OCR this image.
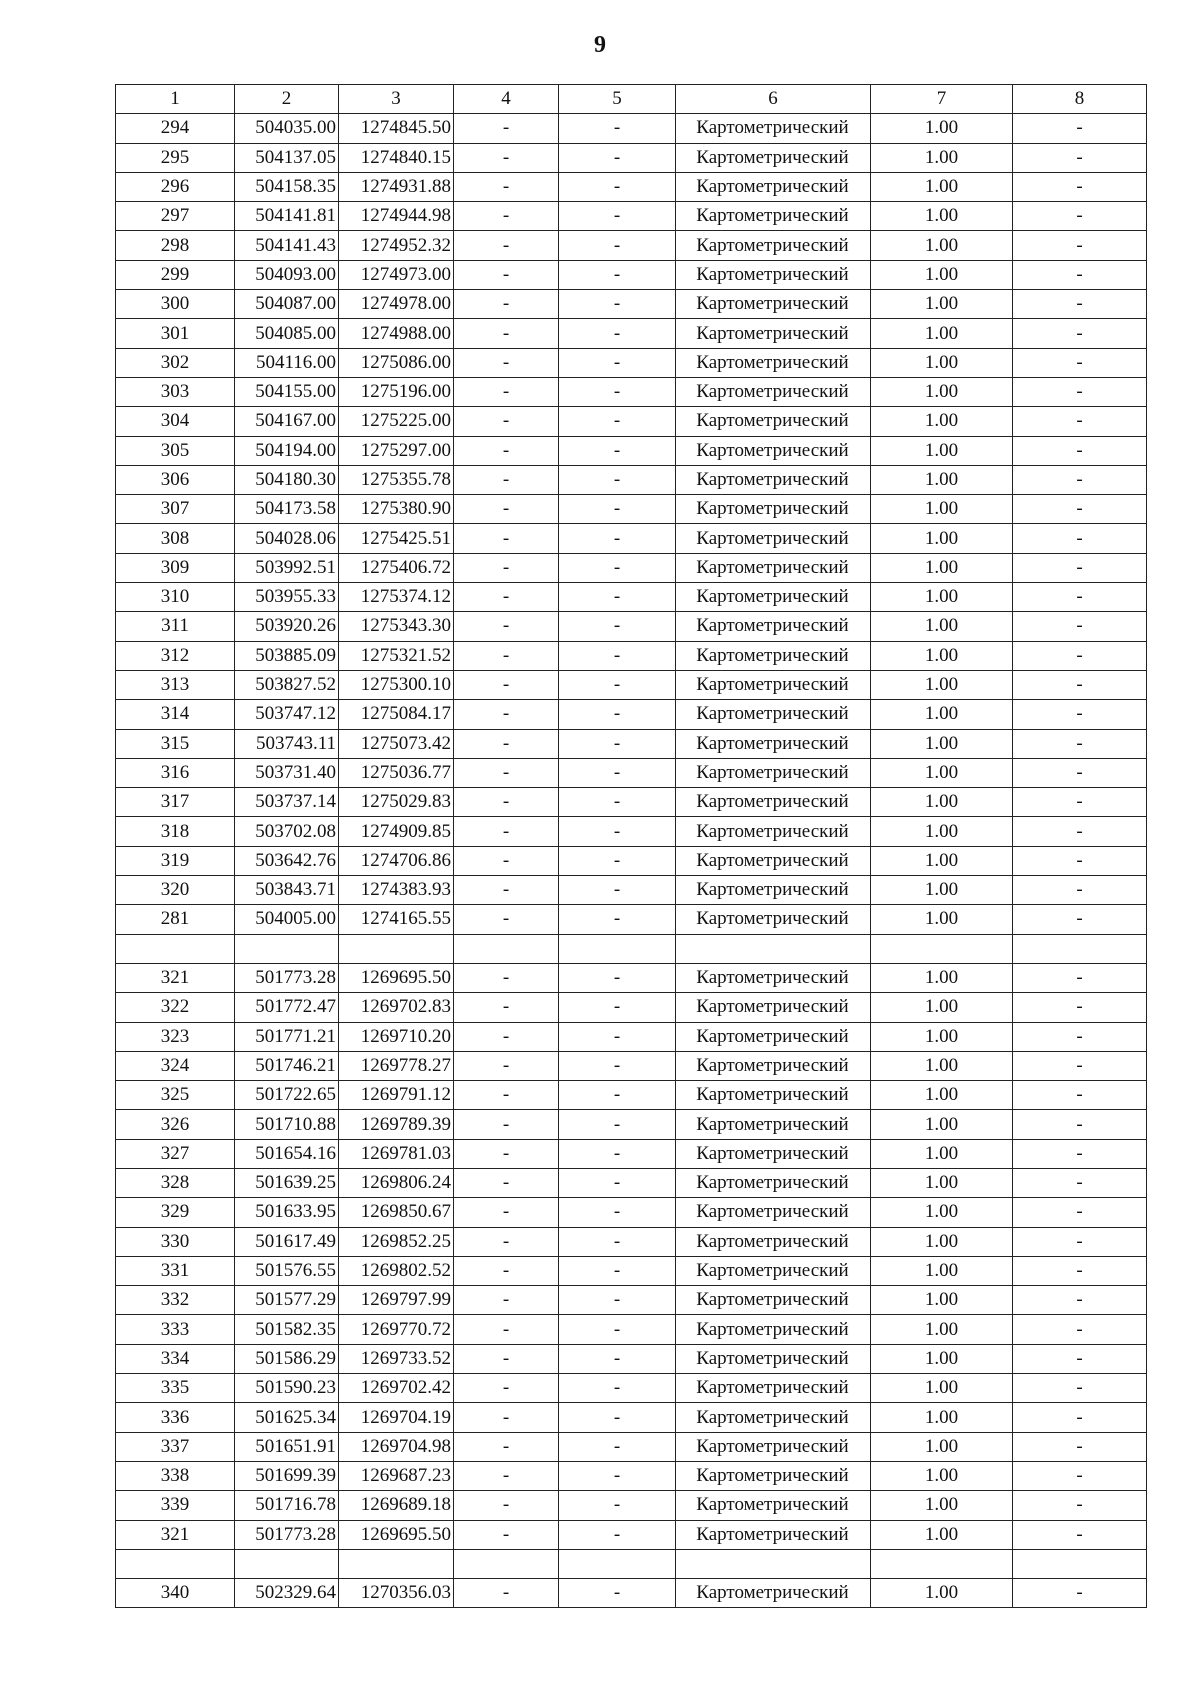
9
1	2	3	4	5	6	7	8
294	504035.00	1274845.50	-	-	Картометрический	1.00	-
295	504137.05	1274840.15	-	-	Картометрический	1.00	-
296	504158.35	1274931.88	-	-	Картометрический	1.00	-
297	504141.81	1274944.98	-	-	Картометрический	1.00	-
298	504141.43	1274952.32	-	-	Картометрический	1.00	-
299	504093.00	1274973.00	-	-	Картометрический	1.00	-
300	504087.00	1274978.00	-	-	Картометрический	1.00	-
301	504085.00	1274988.00	-	-	Картометрический	1.00	-
302	504116.00	1275086.00	-	-	Картометрический	1.00	-
303	504155.00	1275196.00	-	-	Картометрический	1.00	-
304	504167.00	1275225.00	-	-	Картометрический	1.00	-
305	504194.00	1275297.00	-	-	Картометрический	1.00	-
306	504180.30	1275355.78	-	-	Картометрический	1.00	-
307	504173.58	1275380.90	-	-	Картометрический	1.00	-
308	504028.06	1275425.51	-	-	Картометрический	1.00	-
309	503992.51	1275406.72	-	-	Картометрический	1.00	-
310	503955.33	1275374.12	-	-	Картометрический	1.00	-
311	503920.26	1275343.30	-	-	Картометрический	1.00	-
312	503885.09	1275321.52	-	-	Картометрический	1.00	-
313	503827.52	1275300.10	-	-	Картометрический	1.00	-
314	503747.12	1275084.17	-	-	Картометрический	1.00	-
315	503743.11	1275073.42	-	-	Картометрический	1.00	-
316	503731.40	1275036.77	-	-	Картометрический	1.00	-
317	503737.14	1275029.83	-	-	Картометрический	1.00	-
318	503702.08	1274909.85	-	-	Картометрический	1.00	-
319	503642.76	1274706.86	-	-	Картометрический	1.00	-
320	503843.71	1274383.93	-	-	Картометрический	1.00	-
281	504005.00	1274165.55	-	-	Картометрический	1.00	-

321	501773.28	1269695.50	-	-	Картометрический	1.00	-
322	501772.47	1269702.83	-	-	Картометрический	1.00	-
323	501771.21	1269710.20	-	-	Картометрический	1.00	-
324	501746.21	1269778.27	-	-	Картометрический	1.00	-
325	501722.65	1269791.12	-	-	Картометрический	1.00	-
326	501710.88	1269789.39	-	-	Картометрический	1.00	-
327	501654.16	1269781.03	-	-	Картометрический	1.00	-
328	501639.25	1269806.24	-	-	Картометрический	1.00	-
329	501633.95	1269850.67	-	-	Картометрический	1.00	-
330	501617.49	1269852.25	-	-	Картометрический	1.00	-
331	501576.55	1269802.52	-	-	Картометрический	1.00	-
332	501577.29	1269797.99	-	-	Картометрический	1.00	-
333	501582.35	1269770.72	-	-	Картометрический	1.00	-
334	501586.29	1269733.52	-	-	Картометрический	1.00	-
335	501590.23	1269702.42	-	-	Картометрический	1.00	-
336	501625.34	1269704.19	-	-	Картометрический	1.00	-
337	501651.91	1269704.98	-	-	Картометрический	1.00	-
338	501699.39	1269687.23	-	-	Картометрический	1.00	-
339	501716.78	1269689.18	-	-	Картометрический	1.00	-
321	501773.28	1269695.50	-	-	Картометрический	1.00	-

340	502329.64	1270356.03	-	-	Картометрический	1.00	-
